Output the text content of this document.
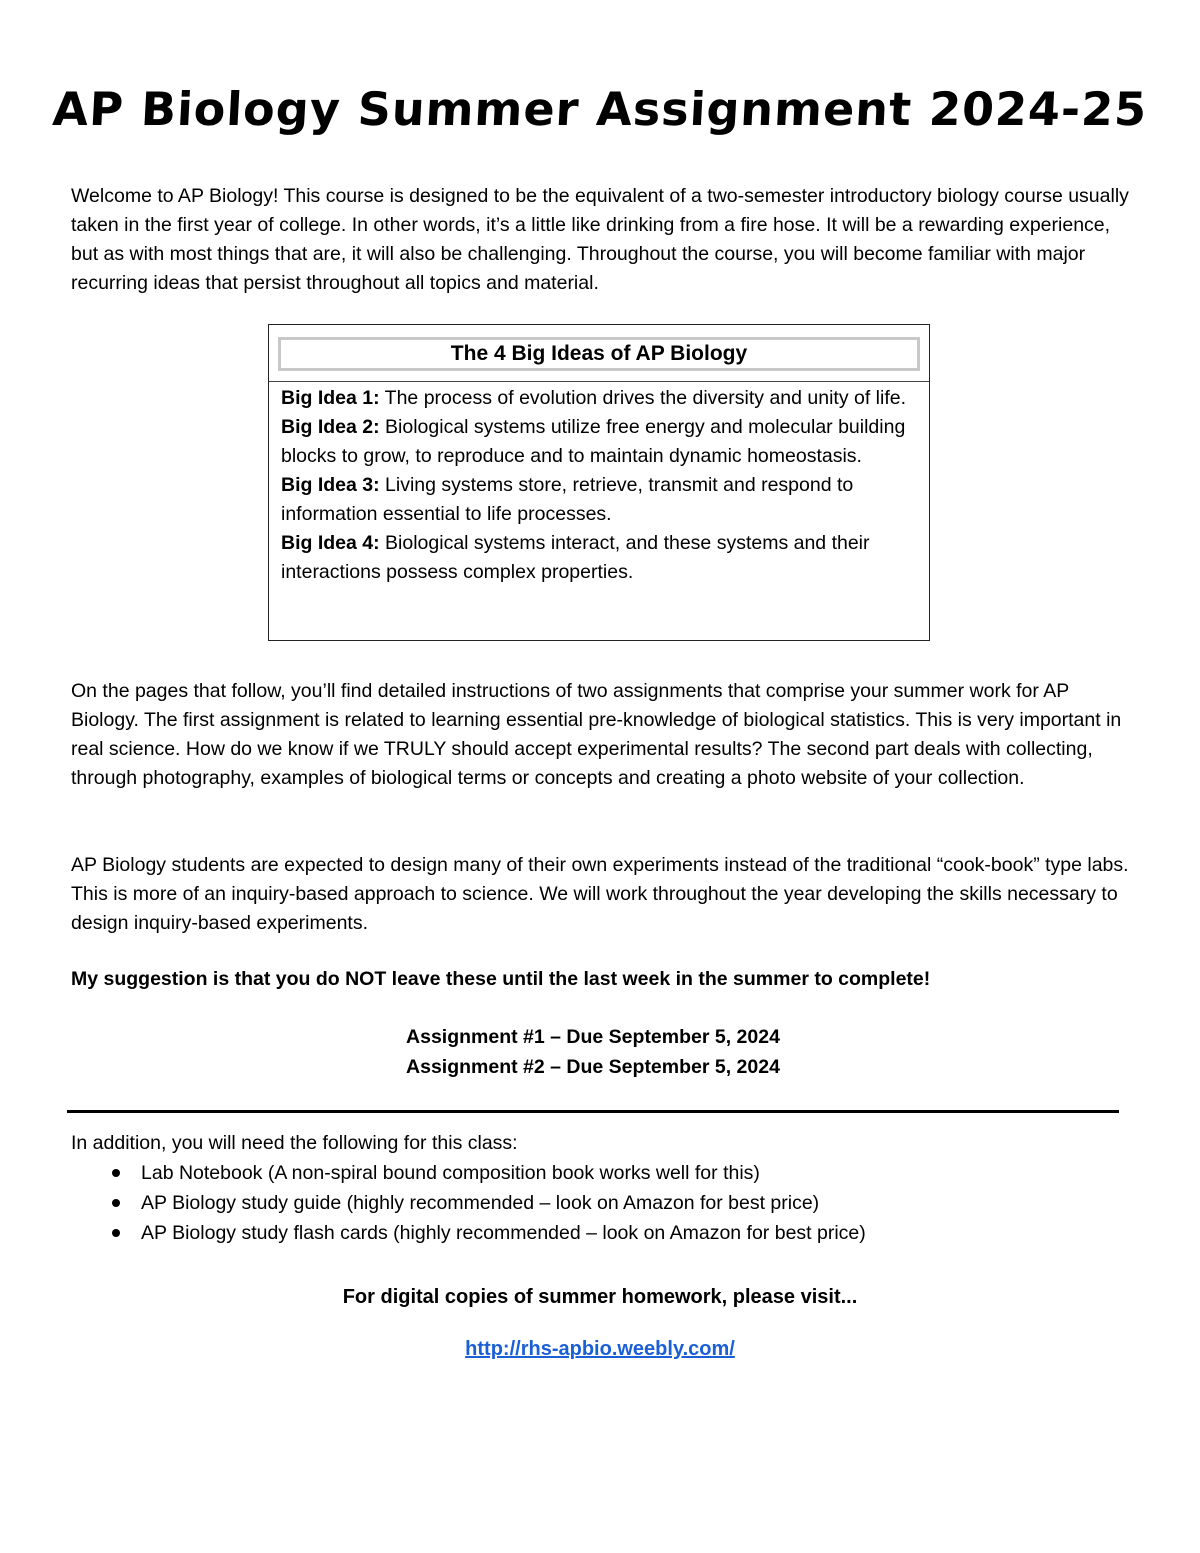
AP Biology Summer Assignment 2024-25
Welcome to AP Biology! This course is designed to be the equivalent of a two-semester introductory biology course usually taken in the first year of college. In other words, it’s a little like drinking from a fire hose. It will be a rewarding experience, but as with most things that are, it will also be challenging. Throughout the course, you will become familiar with major recurring ideas that persist throughout all topics and material.
The 4 Big Ideas of AP Biology
Big Idea 1: The process of evolution drives the diversity and unity of life.
Big Idea 2: Biological systems utilize free energy and molecular building blocks to grow, to reproduce and to maintain dynamic homeostasis.
Big Idea 3: Living systems store, retrieve, transmit and respond to information essential to life processes.
Big Idea 4: Biological systems interact, and these systems and their interactions possess complex properties.
On the pages that follow, you’ll find detailed instructions of two assignments that comprise your summer work for AP Biology. The first assignment is related to learning essential pre-knowledge of biological statistics. This is very important in real science. How do we know if we TRULY should accept experimental results? The second part deals with collecting, through photography, examples of biological terms or concepts and creating a photo website of your collection.
AP Biology students are expected to design many of their own experiments instead of the traditional “cook-book” type labs. This is more of an inquiry-based approach to science. We will work throughout the year developing the skills necessary to design inquiry-based experiments.
My suggestion is that you do NOT leave these until the last week in the summer to complete!
Assignment #1 – Due September 5, 2024
Assignment #2 – Due September 5, 2024
In addition, you will need the following for this class:
Lab Notebook (A non-spiral bound composition book works well for this)
AP Biology study guide (highly recommended – look on Amazon for best price)
AP Biology study flash cards (highly recommended – look on Amazon for best price)
For digital copies of summer homework, please visit...
http://rhs-apbio.weebly.com/
